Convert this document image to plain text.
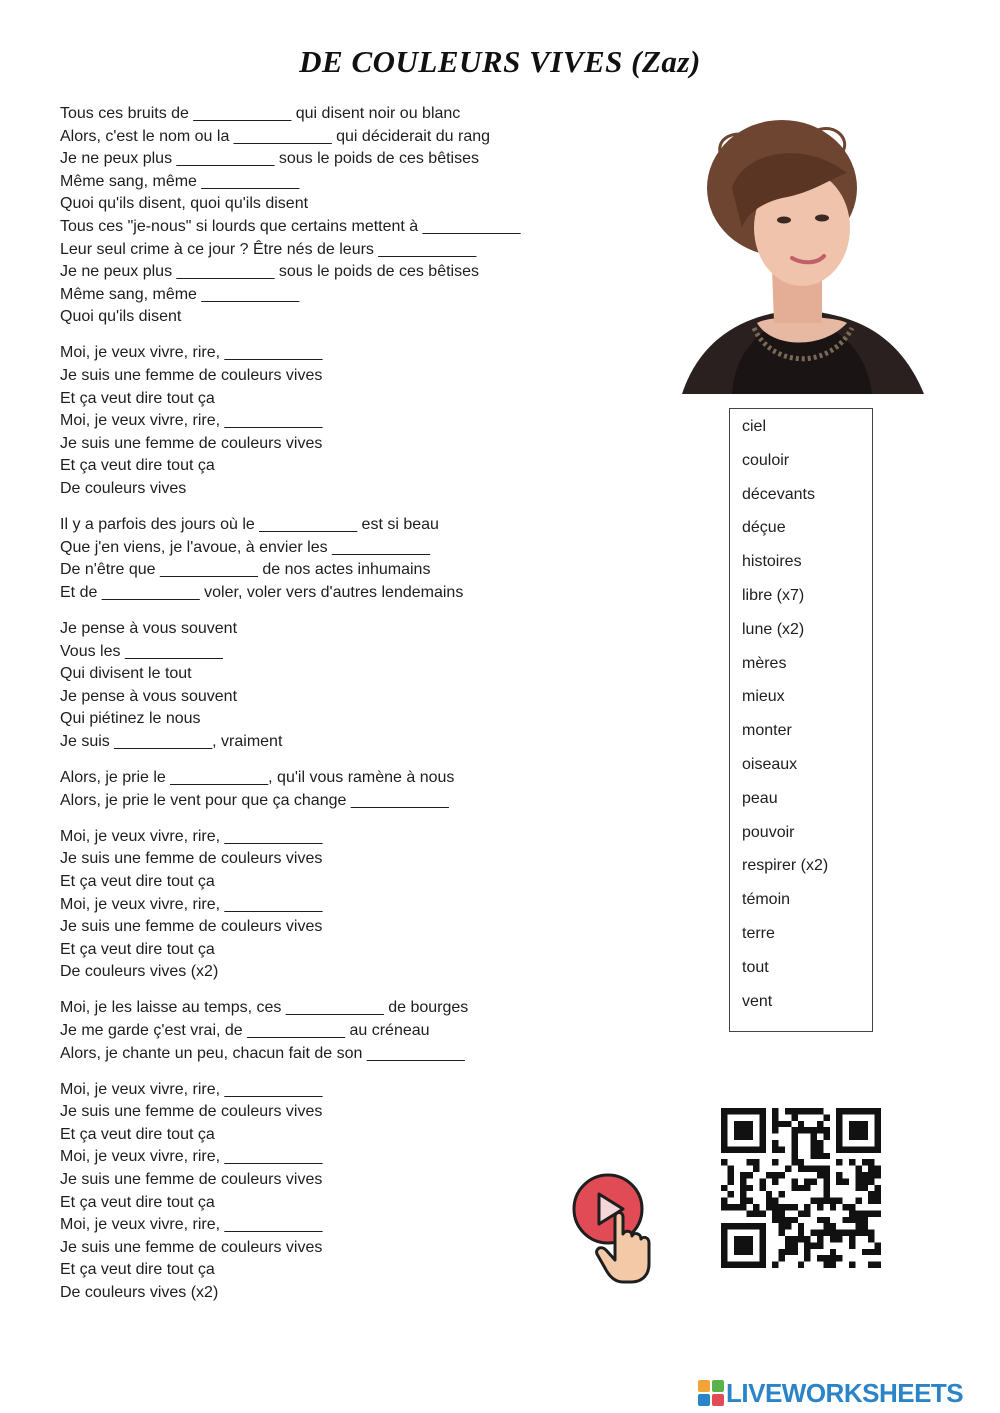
DE COULEURS VIVES (Zaz)
Tous ces bruits de ___________ qui disent noir ou blanc
Alors, c'est le nom ou la ___________ qui déciderait du rang
Je ne peux plus ___________ sous le poids de ces bêtises
Même sang, même ___________
Quoi qu'ils disent, quoi qu'ils disent
Tous ces "je-nous" si lourds que certains mettent à ___________
Leur seul crime à ce jour ? Être nés de leurs ___________
Je ne peux plus ___________ sous le poids de ces bêtises
Même sang, même ___________
Quoi qu'ils disent
Moi, je veux vivre, rire, ___________
Je suis une femme de couleurs vives
Et ça veut dire tout ça
Moi, je veux vivre, rire, ___________
Je suis une femme de couleurs vives
Et ça veut dire tout ça
De couleurs vives
Il y a parfois des jours où le ___________ est si beau
Que j'en viens, je l'avoue, à envier les ___________
De n'être que ___________ de nos actes inhumains
Et de ___________ voler, voler vers d'autres lendemains
Je pense à vous souvent
Vous les ___________
Qui divisent le tout
Je pense à vous souvent
Qui piétinez le nous
Je suis ___________, vraiment
Alors, je prie le ___________, qu'il vous ramène à nous
Alors, je prie le vent pour que ça change ___________
Moi, je veux vivre, rire, ___________
Je suis une femme de couleurs vives
Et ça veut dire tout ça
Moi, je veux vivre, rire, ___________
Je suis une femme de couleurs vives
Et ça veut dire tout ça
De couleurs vives (x2)
Moi, je les laisse au temps, ces ___________ de bourges
Je me garde ç'est vrai, de ___________ au créneau
Alors, je chante un peu, chacun fait de son ___________
Moi, je veux vivre, rire, ___________
Je suis une femme de couleurs vives
Et ça veut dire tout ça
Moi, je veux vivre, rire, ___________
Je suis une femme de couleurs vives
Et ça veut dire tout ça
Moi, je veux vivre, rire, ___________
Je suis une femme de couleurs vives
Et ça veut dire tout ça
De couleurs vives (x2)
ciel
couloir
décevants
déçue
histoires
libre (x7)
lune (x2)
mères
mieux
monter
oiseaux
peau
pouvoir
respirer (x2)
témoin
terre
tout
vent
LIVEWORKSHEETS
